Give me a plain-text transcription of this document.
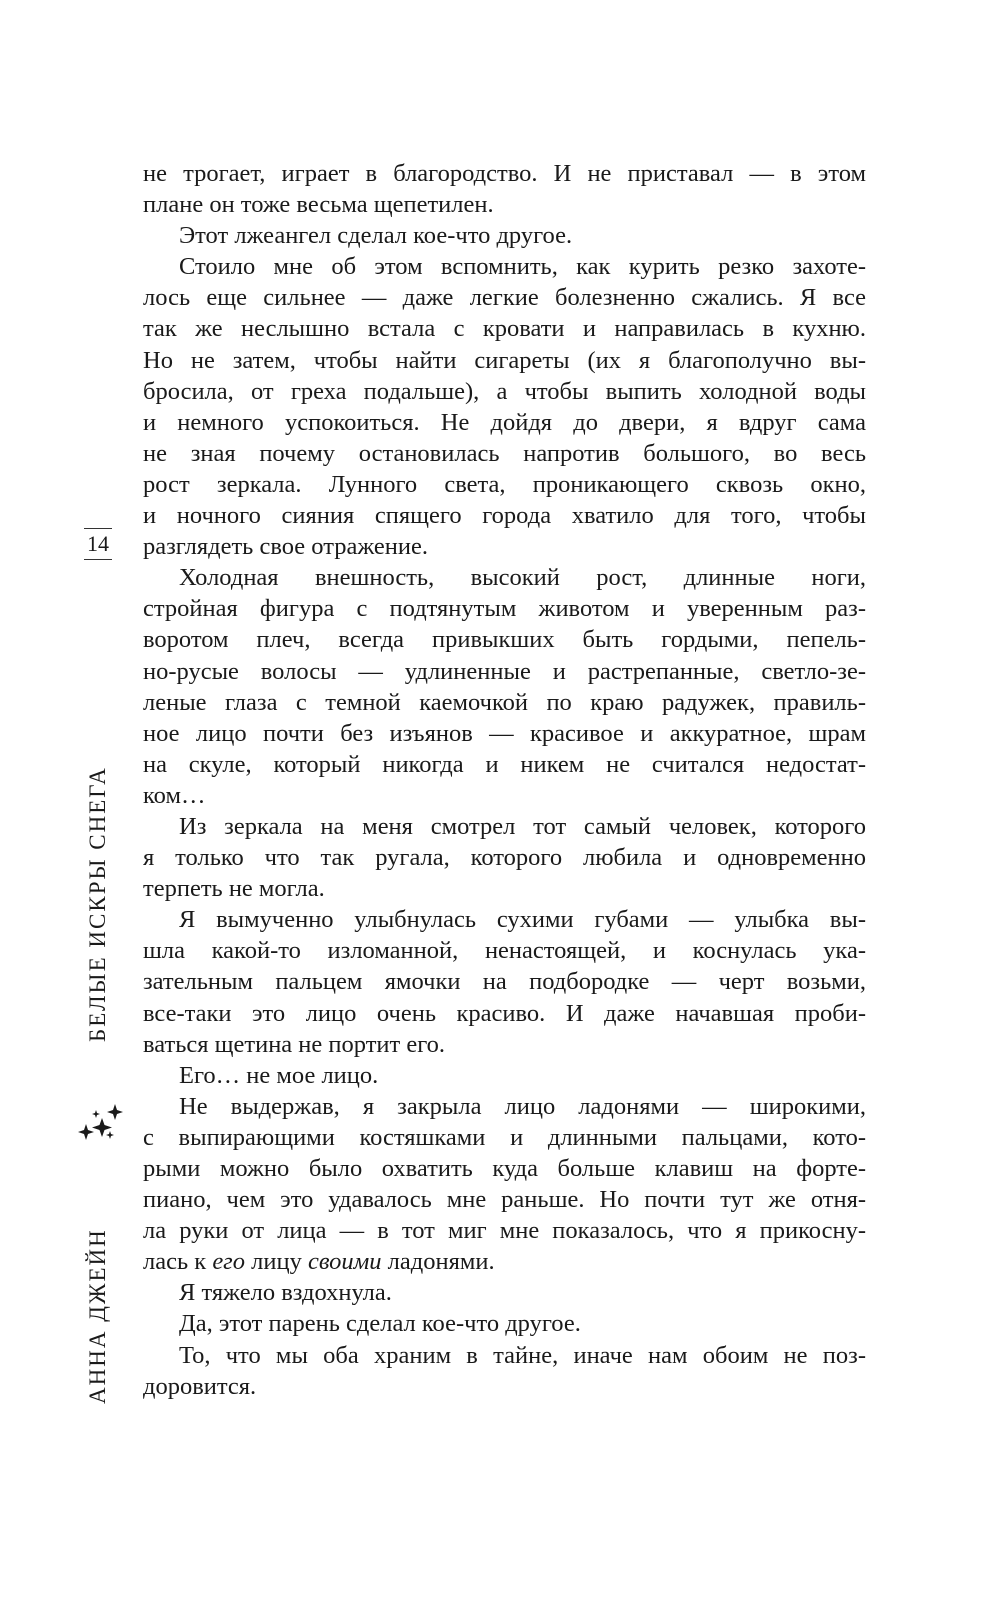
не трогает, играет в благородство. И не приставал — в этом
плане он тоже весьма щепетилен.
Этот лжеангел сделал кое-что другое.
Стоило мне об этом вспомнить, как курить резко захоте-
лось еще сильнее — даже легкие болезненно сжались. Я все
так же неслышно встала с кровати и направилась в кухню.
Но не затем, чтобы найти сигареты (их я благополучно вы-
бросила, от греха подальше), а чтобы выпить холодной воды
и немного успокоиться. Не дойдя до двери, я вдруг сама
не зная почему остановилась напротив большого, во весь
рост зеркала. Лунного света, проникающего сквозь окно,
и ночного сияния спящего города хватило для того, чтобы
разглядеть свое отражение.
Холодная внешность, высокий рост, длинные ноги,
стройная фигура с подтянутым животом и уверенным раз-
воротом плеч, всегда привыкших быть гордыми, пепель-
но-русые волосы — удлиненные и растрепанные, светло-зе-
леные глаза с темной каемочкой по краю радужек, правиль-
ное лицо почти без изъянов — красивое и аккуратное, шрам
на скуле, который никогда и никем не считался недостат-
ком…
Из зеркала на меня смотрел тот самый человек, которого
я только что так ругала, которого любила и одновременно
терпеть не могла.
Я вымученно улыбнулась сухими губами — улыбка вы-
шла какой-то изломанной, ненастоящей, и коснулась ука-
зательным пальцем ямочки на подбородке — черт возьми,
все-таки это лицо очень красиво. И даже начавшая проби-
ваться щетина не портит его.
Его… не мое лицо.
Не выдержав, я закрыла лицо ладонями — широкими,
с выпирающими костяшками и длинными пальцами, кото-
рыми можно было охватить куда больше клавиш на форте-
пиано, чем это удавалось мне раньше. Но почти тут же отня-
ла руки от лица — в тот миг мне показалось, что я прикосну-
лась к его лицу своими ладонями.
Я тяжело вздохнула.
Да, этот парень сделал кое-что другое.
То, что мы оба храним в тайне, иначе нам обоим не поз-
доровится.
14
БЕЛЫЕ ИСКРЫ СНЕГА
АННА ДЖЕЙН
